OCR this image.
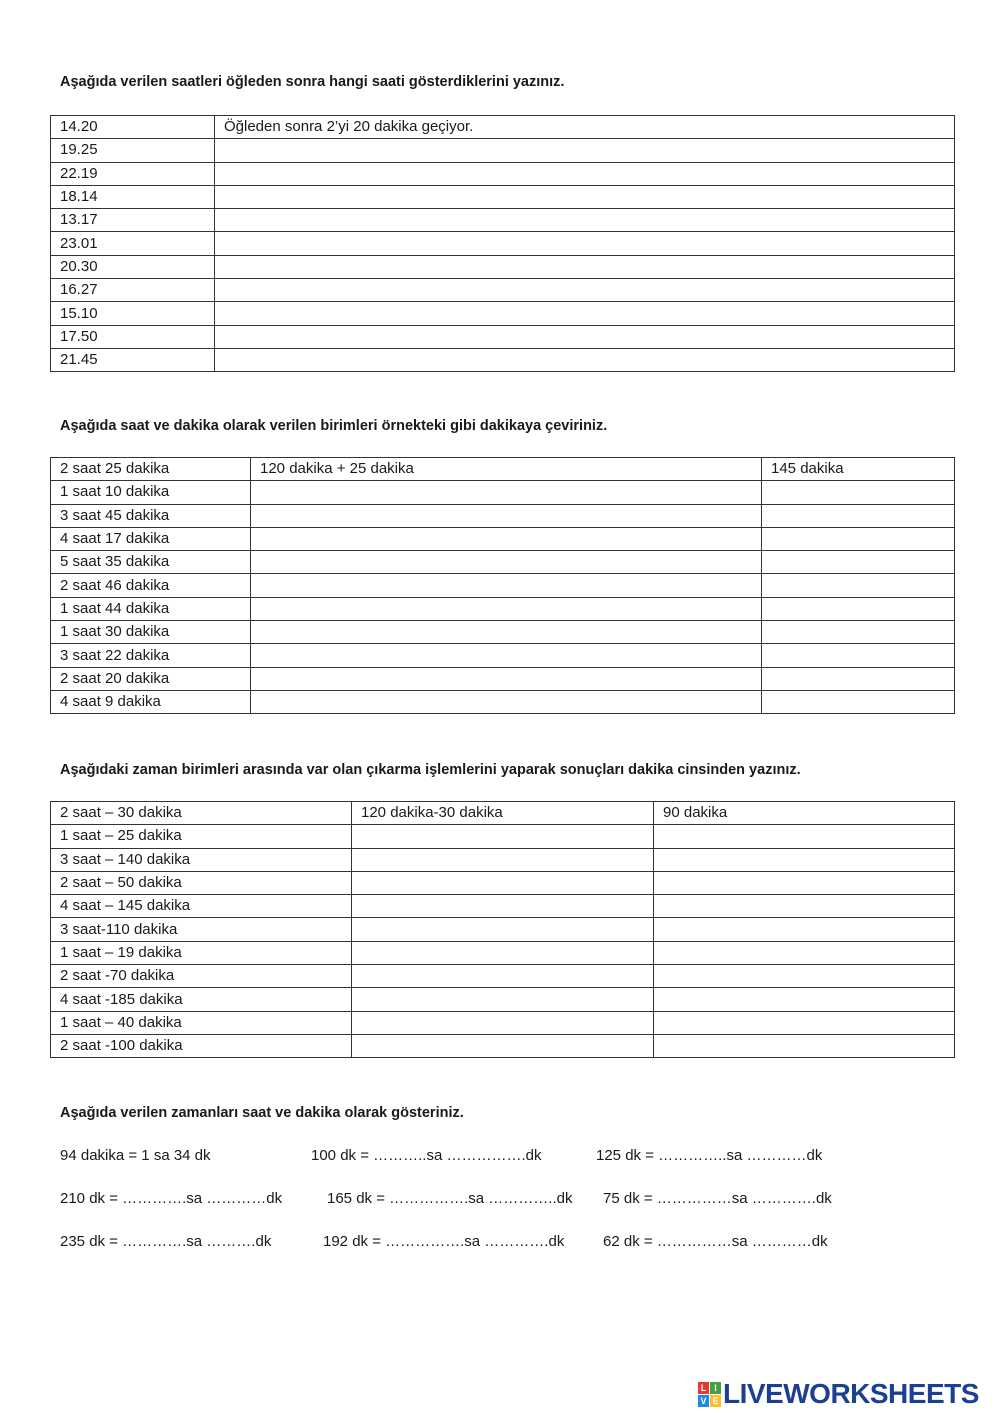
Aşağıda verilen saatleri öğleden sonra hangi saati gösterdiklerini yazınız.

14.20	Öğleden sonra 2’yi 20 dakika geçiyor.
19.25	
22.19	
18.14	
13.17	
23.01	
20.30	
16.27	
15.10	
17.50	
21.45	

Aşağıda saat ve dakika olarak verilen birimleri örnekteki gibi dakikaya çeviriniz.

2 saat 25 dakika	120 dakika + 25 dakika	145 dakika
1 saat 10 dakika		
3 saat 45 dakika		
4 saat 17 dakika		
5 saat 35 dakika		
2 saat 46 dakika		
1 saat 44 dakika		
1 saat 30 dakika		
3 saat 22 dakika		
2 saat 20 dakika		
4 saat 9 dakika		

Aşağıdaki zaman birimleri arasında var olan çıkarma işlemlerini yaparak sonuçları dakika cinsinden yazınız.

2 saat – 30 dakika	120 dakika-30 dakika	90 dakika
1 saat – 25 dakika		
3 saat – 140 dakika		
2 saat – 50 dakika		
4 saat – 145 dakika		
3 saat-110 dakika		
1 saat – 19 dakika		
2 saat -70 dakika		
4 saat -185 dakika		
1 saat – 40 dakika		
2 saat -100 dakika		

Aşağıda verilen zamanları saat ve dakika olarak gösteriniz.

94 dakika = 1 sa 34 dk	100 dk = ………..sa …………….dk	125 dk = …………..sa …………dk
210 dk = ………….sa …………dk	165 dk = …………….sa …………..dk 75 dk = ……………sa ………….dk
235 dk = ………….sa ……….dk	192 dk = …………….sa ………….dk	62 dk = ……………sa …………dk
L I
V E LIVEWORKSHEETS
